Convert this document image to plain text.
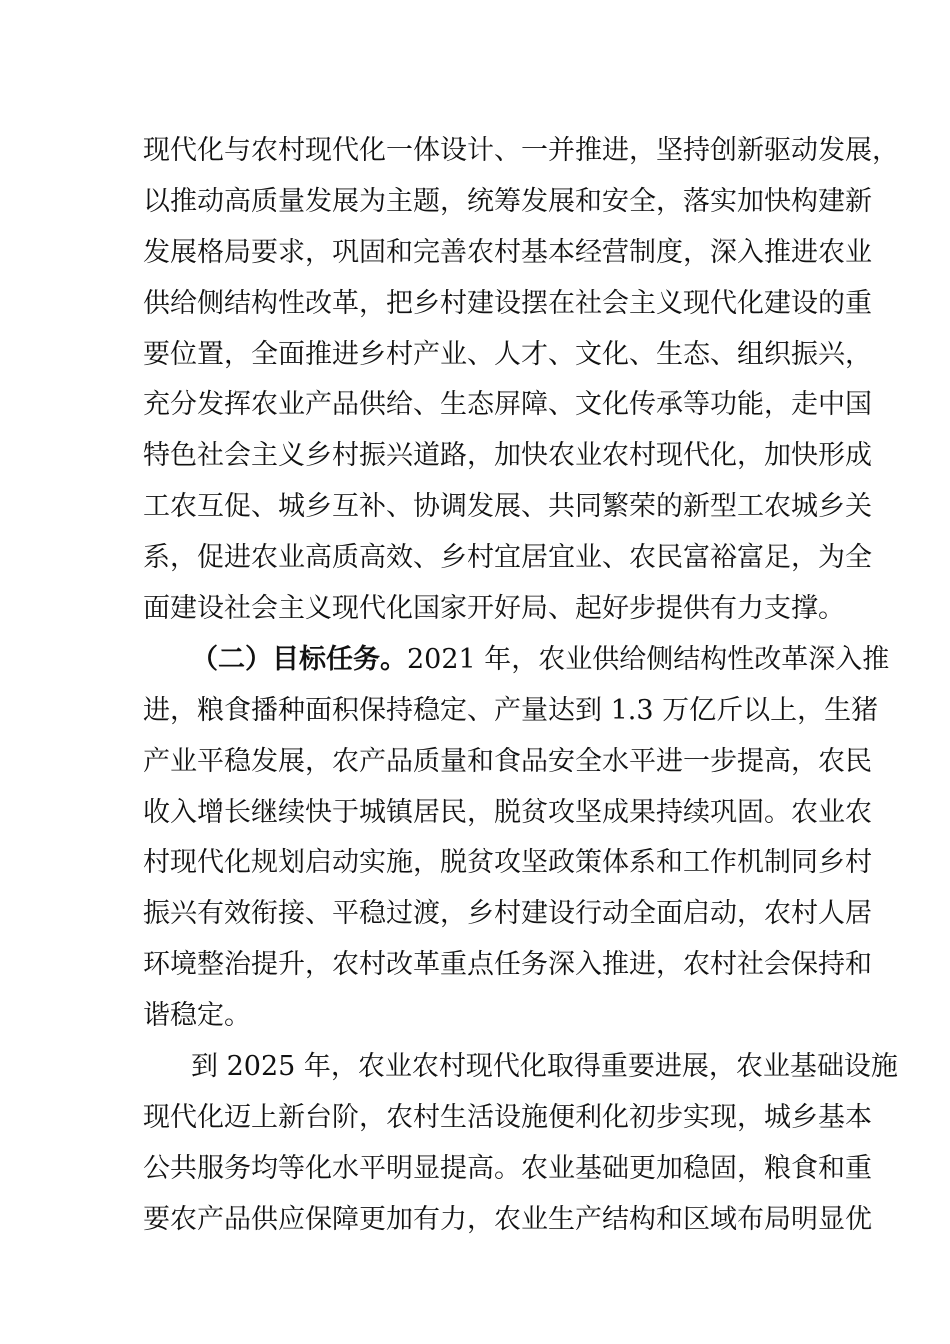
现代化与农村现代化一体设计、一并推进，坚持创新驱动发展，
以推动高质量发展为主题，统筹发展和安全，落实加快构建新
发展格局要求，巩固和完善农村基本经营制度，深入推进农业
供给侧结构性改革，把乡村建设摆在社会主义现代化建设的重
要位置，全面推进乡村产业、人才、文化、生态、组织振兴，
充分发挥农业产品供给、生态屏障、文化传承等功能，走中国
特色社会主义乡村振兴道路，加快农业农村现代化，加快形成
工农互促、城乡互补、协调发展、共同繁荣的新型工农城乡关
系，促进农业高质高效、乡村宜居宜业、农民富裕富足，为全
面建设社会主义现代化国家开好局、起好步提供有力支撑。
（二）目标任务。2021 年，农业供给侧结构性改革深入推
进，粮食播种面积保持稳定、产量达到 1.3 万亿斤以上，生猪
产业平稳发展，农产品质量和食品安全水平进一步提高，农民
收入增长继续快于城镇居民，脱贫攻坚成果持续巩固。农业农
村现代化规划启动实施，脱贫攻坚政策体系和工作机制同乡村
振兴有效衔接、平稳过渡，乡村建设行动全面启动，农村人居
环境整治提升，农村改革重点任务深入推进，农村社会保持和
谐稳定。
到 2025 年，农业农村现代化取得重要进展，农业基础设施
现代化迈上新台阶，农村生活设施便利化初步实现，城乡基本
公共服务均等化水平明显提高。农业基础更加稳固，粮食和重
要农产品供应保障更加有力，农业生产结构和区域布局明显优
